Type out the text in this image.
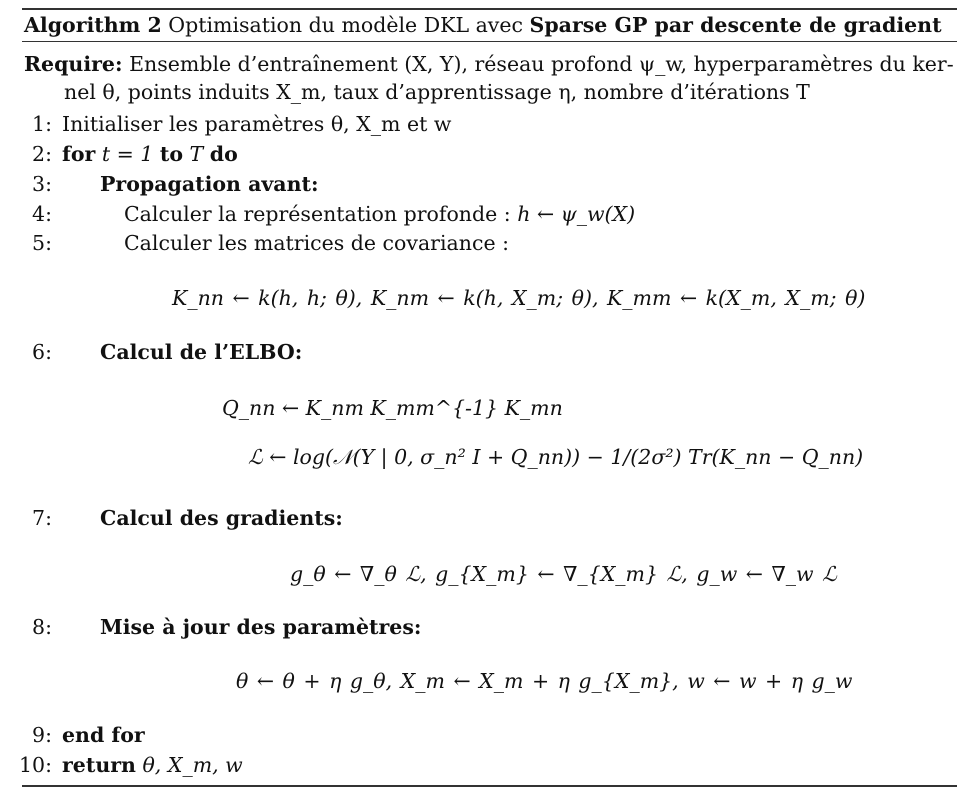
Algorithm 2 Optimisation du modèle DKL avec Sparse GP par descente de gradient
Require: Ensemble d’entraînement (X, Y), réseau profond ψ_w, hyperparamètres du ker-
nel θ, points induits X_m, taux d’apprentissage η, nombre d’itérations T
1: Initialiser les paramètres θ, X_m et w
2: for t = 1 to T do
3: Propagation avant:
4:	Calculer la représentation profonde : h ← ψ_w(X)
5:	Calculer les matrices de covariance :
K_nn ← k(h, h; θ), K_nm ← k(h, X_m; θ), K_mm ← k(X_m, X_m; θ)
6: Calcul de l’ELBO:
Q_nn ← K_nm K_mm^{-1} K_mn
ℒ ← log(𝒩(Y | 0, σ_n² I + Q_nn)) − 1/(2σ²) Tr(K_nn − Q_nn)
7: Calcul des gradients:
g_θ ← ∇_θ ℒ, g_{X_m} ← ∇_{X_m} ℒ, g_w ← ∇_w ℒ
8: Mise à jour des paramètres:
θ ← θ + η g_θ, X_m ← X_m + η g_{X_m}, w ← w + η g_w
9: end for
10: return θ, X_m, w
